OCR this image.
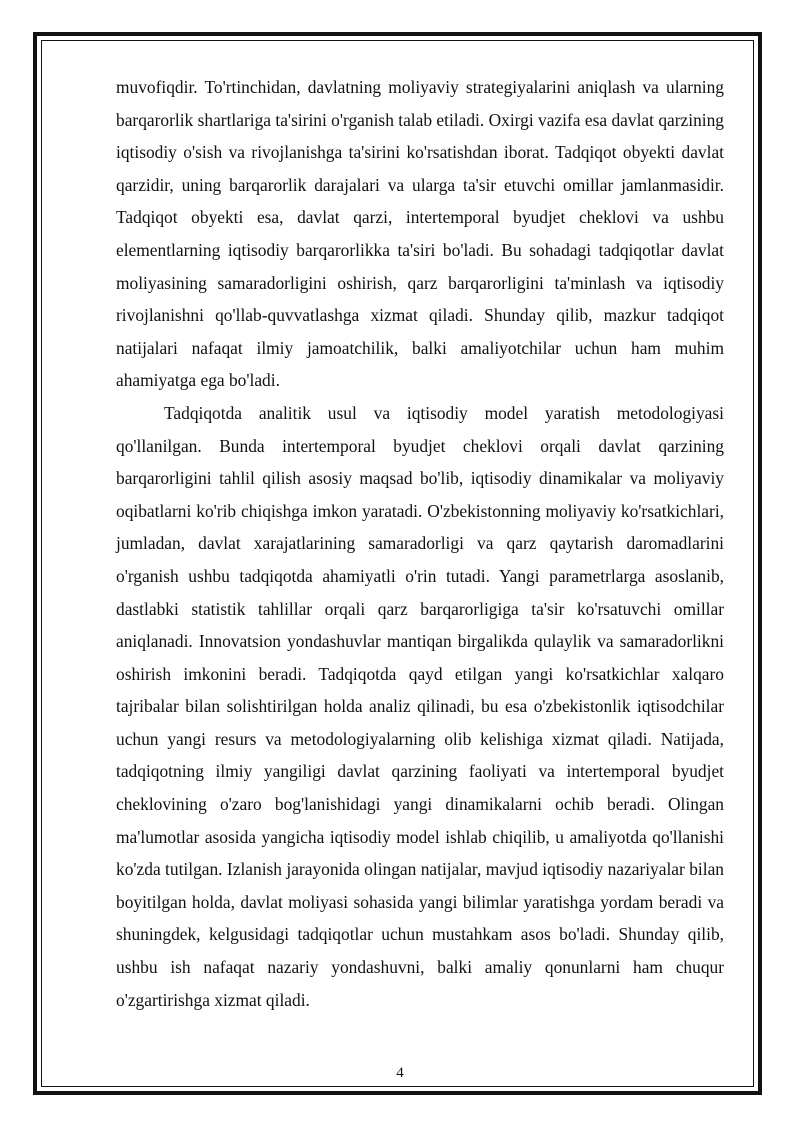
muvofiqdir. To'rtinchidan, davlatning moliyaviy strategiyalarini aniqlash va ularning barqarorlik shartlariga ta'sirini o'rganish talab etiladi. Oxirgi vazifa esa davlat qarzining iqtisodiy o'sish va rivojlanishga ta'sirini ko'rsatishdan iborat. Tadqiqot obyekti davlat qarzidir, uning barqarorlik darajalari va ularga ta'sir etuvchi omillar jamlanmasidir. Tadqiqot obyekti esa, davlat qarzi, intertemporal byudjet cheklovi va ushbu elementlarning iqtisodiy barqarorlikka ta'siri bo'ladi. Bu sohadagi tadqiqotlar davlat moliyasining samaradorligini oshirish, qarz barqarorligini ta'minlash va iqtisodiy rivojlanishni qo'llab-quvvatlashga xizmat qiladi. Shunday qilib, mazkur tadqiqot natijalari nafaqat ilmiy jamoatchilik, balki amaliyotchilar uchun ham muhim ahamiyatga ega bo'ladi.

Tadqiqotda analitik usul va iqtisodiy model yaratish metodologiyasi qo'llanilgan. Bunda intertemporal byudjet cheklovi orqali davlat qarzining barqarorligini tahlil qilish asosiy maqsad bo'lib, iqtisodiy dinamikalar va moliyaviy oqibatlarni ko'rib chiqishga imkon yaratadi. O'zbekistonning moliyaviy ko'rsatkichlari, jumladan, davlat xarajatlarining samaradorligi va qarz qaytarish daromadlarini o'rganish ushbu tadqiqotda ahamiyatli o'rin tutadi. Yangi parametrlarga asoslanib, dastlabki statistik tahlillar orqali qarz barqarorligiga ta'sir ko'rsatuvchi omillar aniqlanadi. Innovatsion yondashuvlar mantiqan birgalikda qulaylik va samaradorlikni oshirish imkonini beradi. Tadqiqotda qayd etilgan yangi ko'rsatkichlar xalqaro tajribalar bilan solishtirilgan holda analiz qilinadi, bu esa o'zbekistonlik iqtisodchilar uchun yangi resurs va metodologiyalarning olib kelishiga xizmat qiladi. Natijada, tadqiqotning ilmiy yangiligi davlat qarzining faoliyati va intertemporal byudjet cheklovining o'zaro bog'lanishidagi yangi dinamikalarni ochib beradi. Olingan ma'lumotlar asosida yangicha iqtisodiy model ishlab chiqilib, u amaliyotda qo'llanishi ko'zda tutilgan. Izlanish jarayonida olingan natijalar, mavjud iqtisodiy nazariyalar bilan boyitilgan holda, davlat moliyasi sohasida yangi bilimlar yaratishga yordam beradi va shuningdek, kelgusidagi tadqiqotlar uchun mustahkam asos bo'ladi. Shunday qilib, ushbu ish nafaqat nazariy yondashuvni, balki amaliy qonunlarni ham chuqur o'zgartirishga xizmat qiladi.

4
